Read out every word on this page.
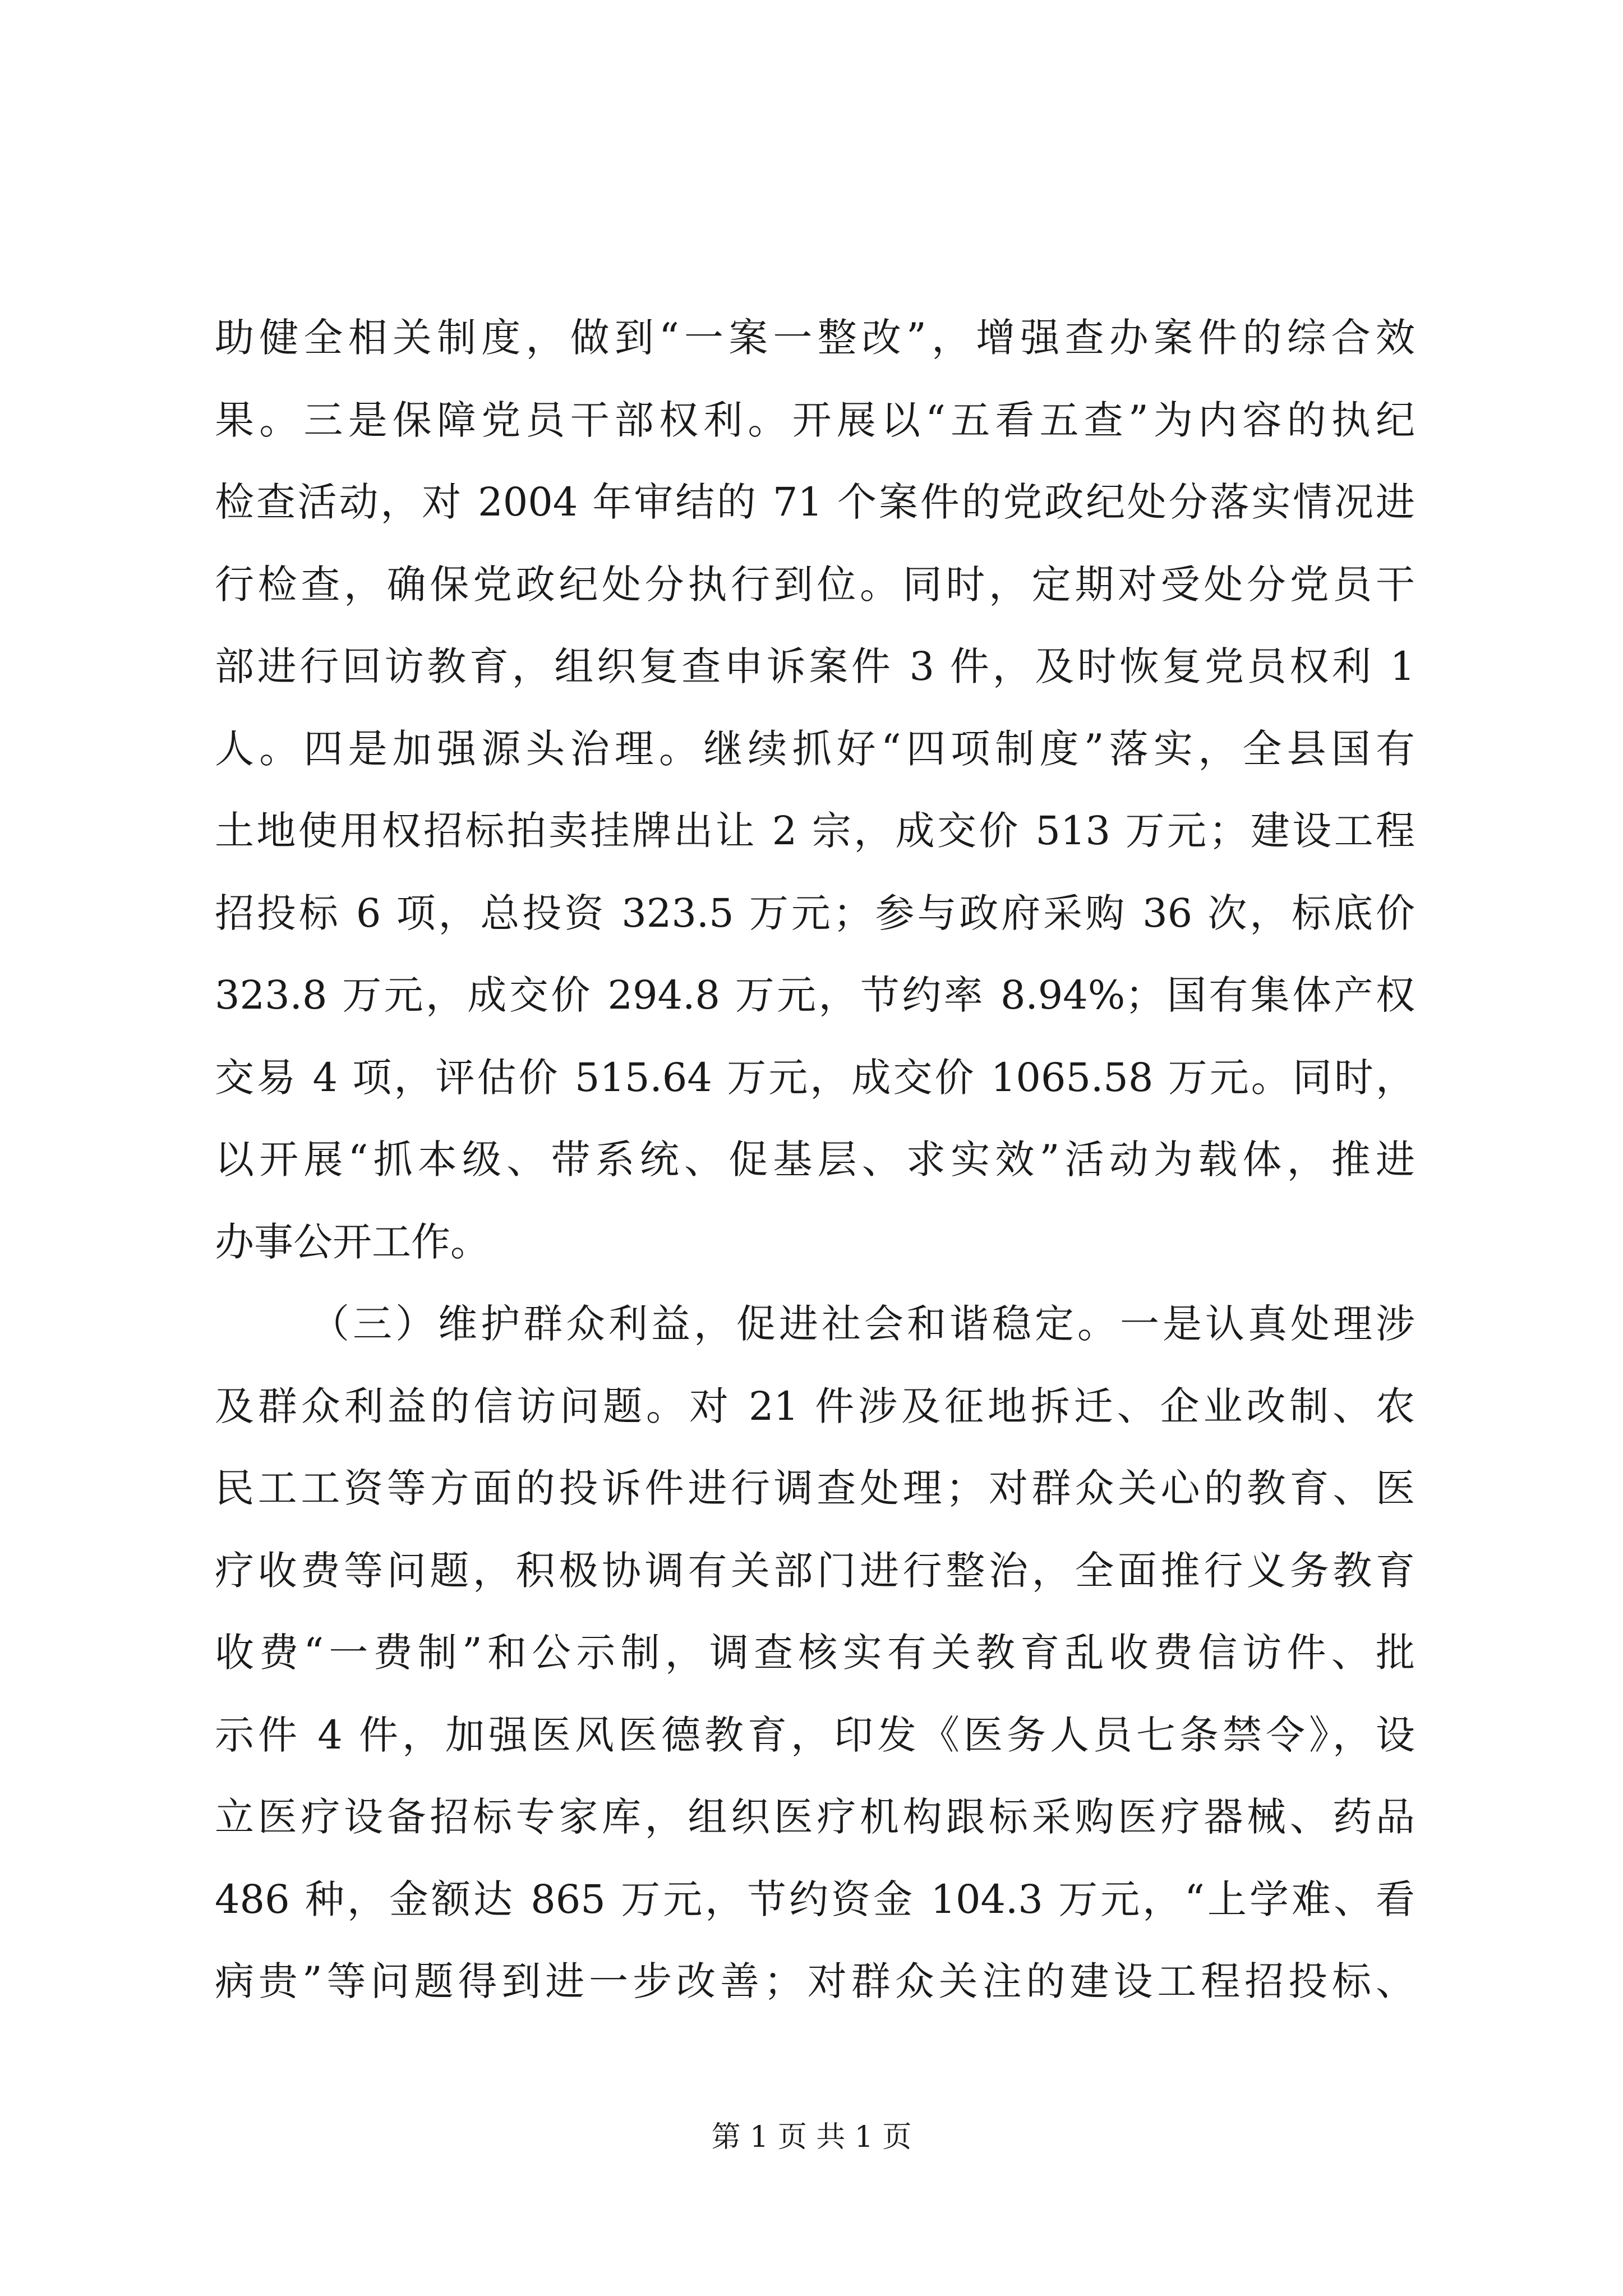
助健全相关制度，做到“一案一整改”，增强查办案件的综合效

果。三是保障党员干部权利。开展以“五看五查”为内容的执纪

检查活动，对 2004 年审结的 71 个案件的党政纪处分落实情况进

行检查，确保党政纪处分执行到位。同时，定期对受处分党员干

部进行回访教育，组织复查申诉案件 3 件，及时恢复党员权利 1

人。四是加强源头治理。继续抓好“四项制度”落实，全县国有

土地使用权招标拍卖挂牌出让 2 宗，成交价 513 万元；建设工程

招投标 6 项，总投资 323.5 万元；参与政府采购 36 次，标底价

323.8 万元，成交价 294.8 万元，节约率 8.94%；国有集体产权

交易 4 项，评估价 515.64 万元，成交价 1065.58 万元。同时，

以开展“抓本级、带系统、促基层、求实效”活动为载体，推进

办事公开工作。

（三）维护群众利益，促进社会和谐稳定。一是认真处理涉

及群众利益的信访问题。对 21 件涉及征地拆迁、企业改制、农

民工工资等方面的投诉件进行调查处理；对群众关心的教育、医

疗收费等问题，积极协调有关部门进行整治，全面推行义务教育

收费“一费制”和公示制，调查核实有关教育乱收费信访件、批

示件 4 件，加强医风医德教育，印发《医务人员七条禁令》，设

立医疗设备招标专家库，组织医疗机构跟标采购医疗器械、药品

486 种，金额达 865 万元，节约资金 104.3 万元，“上学难、看

病贵”等问题得到进一步改善；对群众关注的建设工程招投标、

第 1 页 共 1 页
